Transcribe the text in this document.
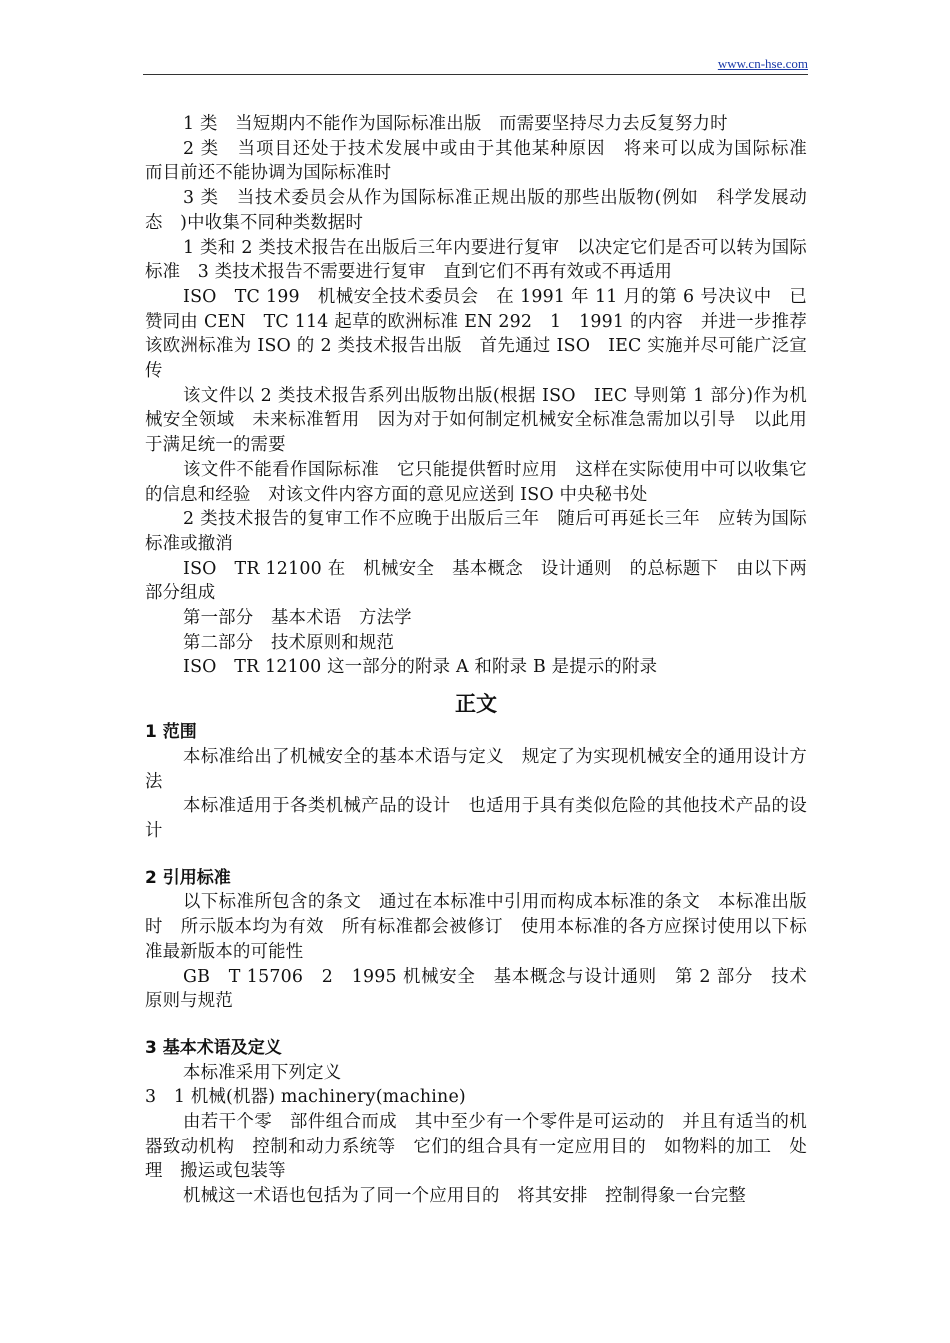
www.cn-hse.com

1 类　当短期内不能作为国际标准出版　而需要坚持尽力去反复努力时

2 类　当项目还处于技术发展中或由于其他某种原因　将来可以成为国际标准　而目前还不能协调为国际标准时

3 类　当技术委员会从作为国际标准正规出版的那些出版物(例如　科学发展动态　)中收集不同种类数据时

1 类和 2 类技术报告在出版后三年内要进行复审　以决定它们是否可以转为国际标准　3 类技术报告不需要进行复审　直到它们不再有效或不再适用

ISO　TC 199　机械安全技术委员会　在 1991 年 11 月的第 6 号决议中　已赞同由 CEN　TC 114 起草的欧洲标准 EN 292　1　1991 的内容　并进一步推荐该欧洲标准为 ISO 的 2 类技术报告出版　首先通过 ISO　IEC 实施并尽可能广泛宣传

该文件以 2 类技术报告系列出版物出版(根据 ISO　IEC 导则第 1 部分)作为机械安全领域　未来标准暂用　因为对于如何制定机械安全标准急需加以引导　以此用于满足统一的需要

该文件不能看作国际标准　它只能提供暂时应用　这样在实际使用中可以收集它的信息和经验　对该文件内容方面的意见应送到 ISO 中央秘书处

2 类技术报告的复审工作不应晚于出版后三年　随后可再延长三年　应转为国际标准或撤消

ISO　TR 12100 在　机械安全　基本概念　设计通则　的总标题下　由以下两部分组成

第一部分　基本术语　方法学

第二部分　技术原则和规范

ISO　TR 12100 这一部分的附录 A 和附录 B 是提示的附录

正文
1 范围

本标准给出了机械安全的基本术语与定义　规定了为实现机械安全的通用设计方法

本标准适用于各类机械产品的设计　也适用于具有类似危险的其他技术产品的设计

2 引用标准

以下标准所包含的条文　通过在本标准中引用而构成本标准的条文　本标准出版时　所示版本均为有效　所有标准都会被修订　使用本标准的各方应探讨使用以下标准最新版本的可能性

GB　T 15706　2　1995 机械安全　基本概念与设计通则　第 2 部分　技术原则与规范

3 基本术语及定义

本标准采用下列定义

3　1 机械(机器) machinery(machine)

由若干个零　部件组合而成　其中至少有一个零件是可运动的　并且有适当的机器致动机构　控制和动力系统等　它们的组合具有一定应用目的　如物料的加工　处理　搬运或包装等

机械这一术语也包括为了同一个应用目的　将其安排　控制得象一台完整
